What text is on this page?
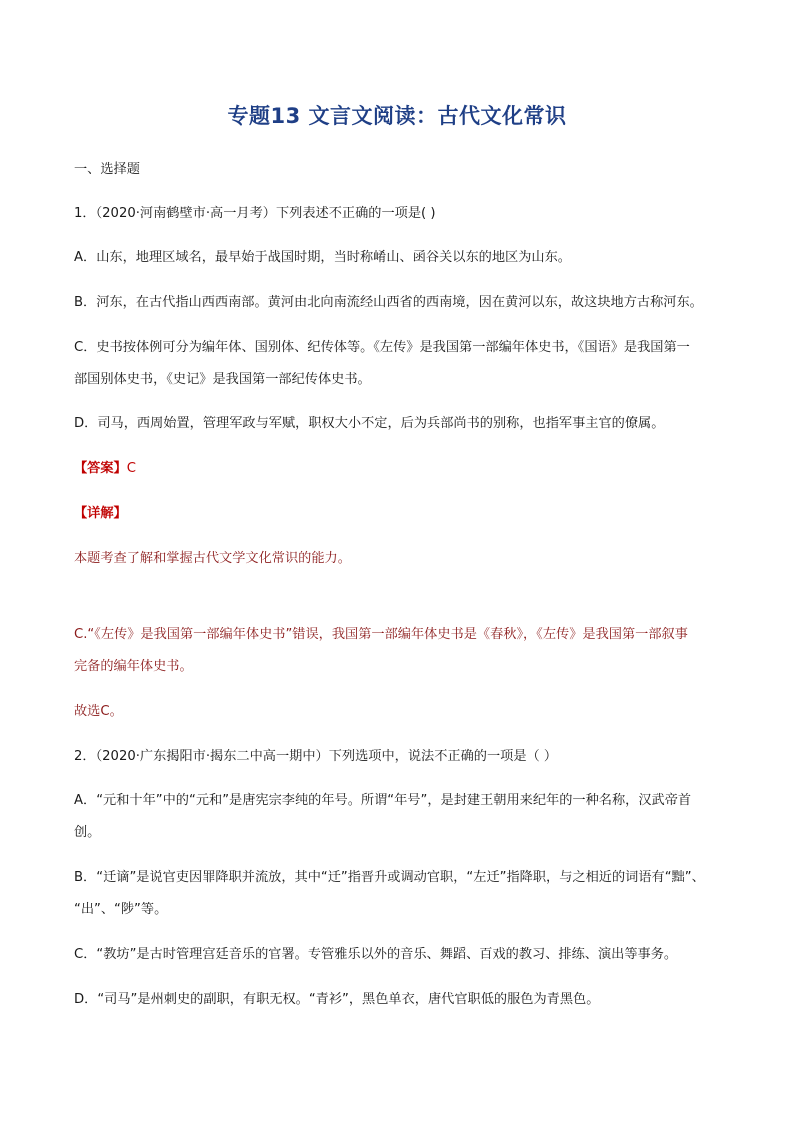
专题13 文言文阅读：古代文化常识
一、选择题
1．（2020·河南鹤壁市·高一月考）下列表述不正确的一项是( )
A．山东，地理区域名，最早始于战国时期，当时称崤山、函谷关以东的地区为山东。
B．河东，在古代指山西西南部。黄河由北向南流经山西省的西南境，因在黄河以东，故这块地方古称河东。
C．史书按体例可分为编年体、国别体、纪传体等。《左传》是我国第一部编年体史书，《国语》是我国第一
部国别体史书，《史记》是我国第一部纪传体史书。
D．司马，西周始置，管理军政与军赋，职权大小不定，后为兵部尚书的别称，也指军事主官的僚属。
【答案】C
【详解】
本题考查了解和掌握古代文学文化常识的能力。
C.“《左传》是我国第一部编年体史书”错误，我国第一部编年体史书是《春秋》，《左传》是我国第一部叙事
完备的编年体史书。
故选C。
2．（2020·广东揭阳市·揭东二中高一期中）下列选项中，说法不正确的一项是（ ）
A．“元和十年”中的“元和”是唐宪宗李纯的年号。所谓“年号”，是封建王朝用来纪年的一种名称，汉武帝首
创。
B．“迁谪”是说官吏因罪降职并流放，其中“迁”指晋升或调动官职，“左迁”指降职，与之相近的词语有“黜”、
“出”、“陟”等。
C．“教坊”是古时管理宫廷音乐的官署。专管雅乐以外的音乐、舞蹈、百戏的教习、排练、演出等事务。
D．“司马”是州刺史的副职，有职无权。“青衫”，黑色单衣，唐代官职低的服色为青黑色。
